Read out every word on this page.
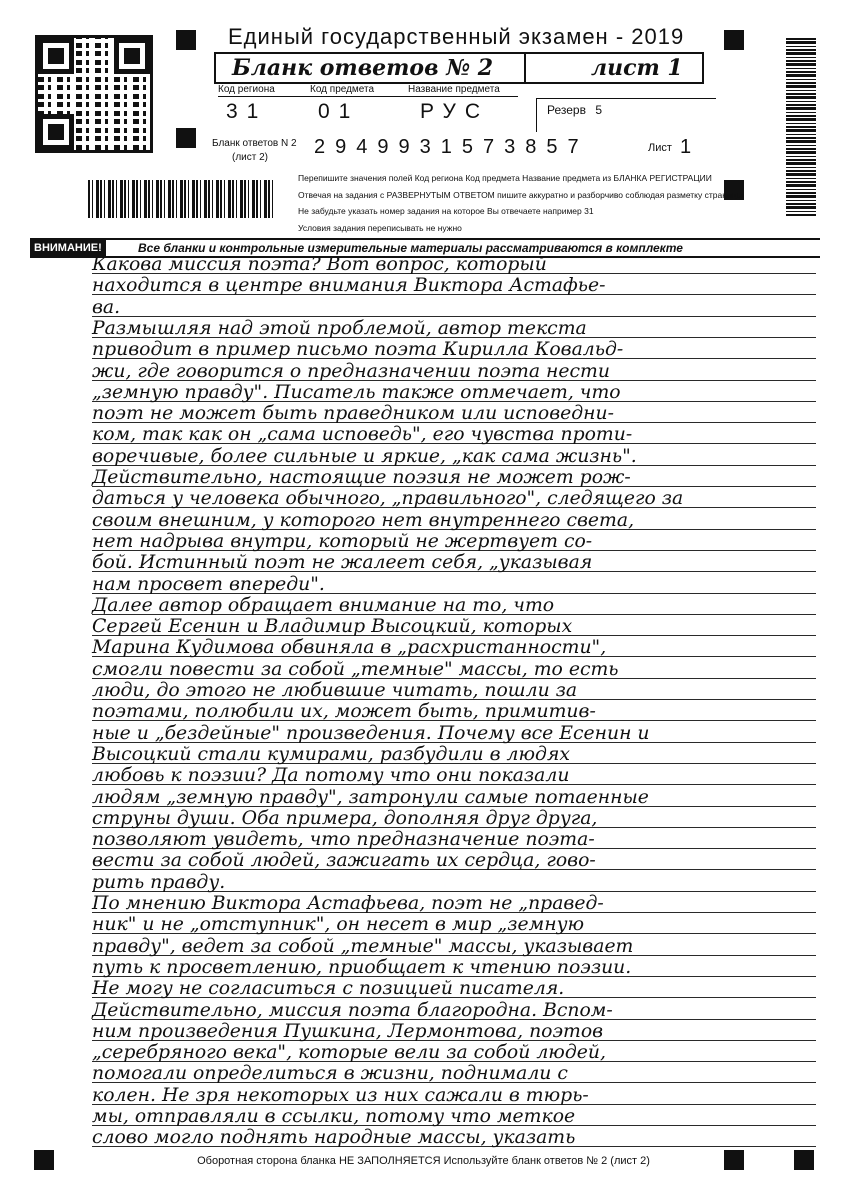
Единый государственный экзамен - 2019
Бланк ответов № 2	лист 1
Код региона	Код предмета	Название предмета
31 01	РУС	Резерв 5
Бланк ответов N 2
(лист 2) 2949931573857	Лист 1
Перепишите значения полей Код региона Код предмета Название предмета из БЛАНКА РЕГИСТРАЦИИ
Отвечая на задания с РАЗВЕРНУТЫМ ОТВЕТОМ пишите аккуратно и разборчиво соблюдая разметку страницы
Не забудьте указать номер задания на которое Вы отвечаете например 31
Условия задания переписывать не нужно
ВНИМАНИЕ!	Все бланки и контрольные измерительные материалы рассматриваются в комплекте
Какова миссия поэта? Вот вопрос, который
находится в центре внимания Виктора Астафье-
ва.
Размышляя над этой проблемой, автор текста
приводит в пример письмо поэта Кирилла Ковальд-
жи, где говорится о предназначении поэта нести
„земную правду". Писатель также отмечает, что
поэт не может быть праведником или исповедни-
ком, так как он „сама исповедь", его чувства проти-
воречивые, более сильные и яркие, „как сама жизнь".
Действительно, настоящие поэзия не может рож-
даться у человека обычного, „правильного", следящего за
своим внешним, у которого нет внутреннего света,
нет надрыва внутри, который не жертвует со-
бой. Истинный поэт не жалеет себя, „указывая
нам просвет впереди".
Далее автор обращает внимание на то, что
Сергей Есенин и Владимир Высоцкий, которых
Марина Кудимова обвиняла в „расхристанности",
смогли повести за собой „темные" массы, то есть
люди, до этого не любившие читать, пошли за
поэтами, полюбили их, может быть, примитив-
ные и „бездейные" произведения. Почему все Есенин и
Высоцкий стали кумирами, разбудили в людях
любовь к поэзии? Да потому что они показали
людям „земную правду", затронули самые потаенные
струны души. Оба примера, дополняя друг друга,
позволяют увидеть, что предназначение поэта-
вести за собой людей, зажигать их сердца, гово-
рить правду.
По мнению Виктора Астафьева, поэт не „правед-
ник" и не „отступник", он несет в мир „земную
правду", ведет за собой „темные" массы, указывает
путь к просветлению, приобщает к чтению поэзии.
Не могу не согласиться с позицией писателя.
Действительно, миссия поэта благородна. Вспом-
ним произведения Пушкина, Лермонтова, поэтов
„серебряного века", которые вели за собой людей,
помогали определиться в жизни, поднимали с
колен. Не зря некоторых из них сажали в тюрь-
мы, отправляли в ссылки, потому что меткое
слово могло поднять народные массы, указать
Оборотная сторона бланка НЕ ЗАПОЛНЯЕТСЯ Используйте бланк ответов № 2 (лист 2)
